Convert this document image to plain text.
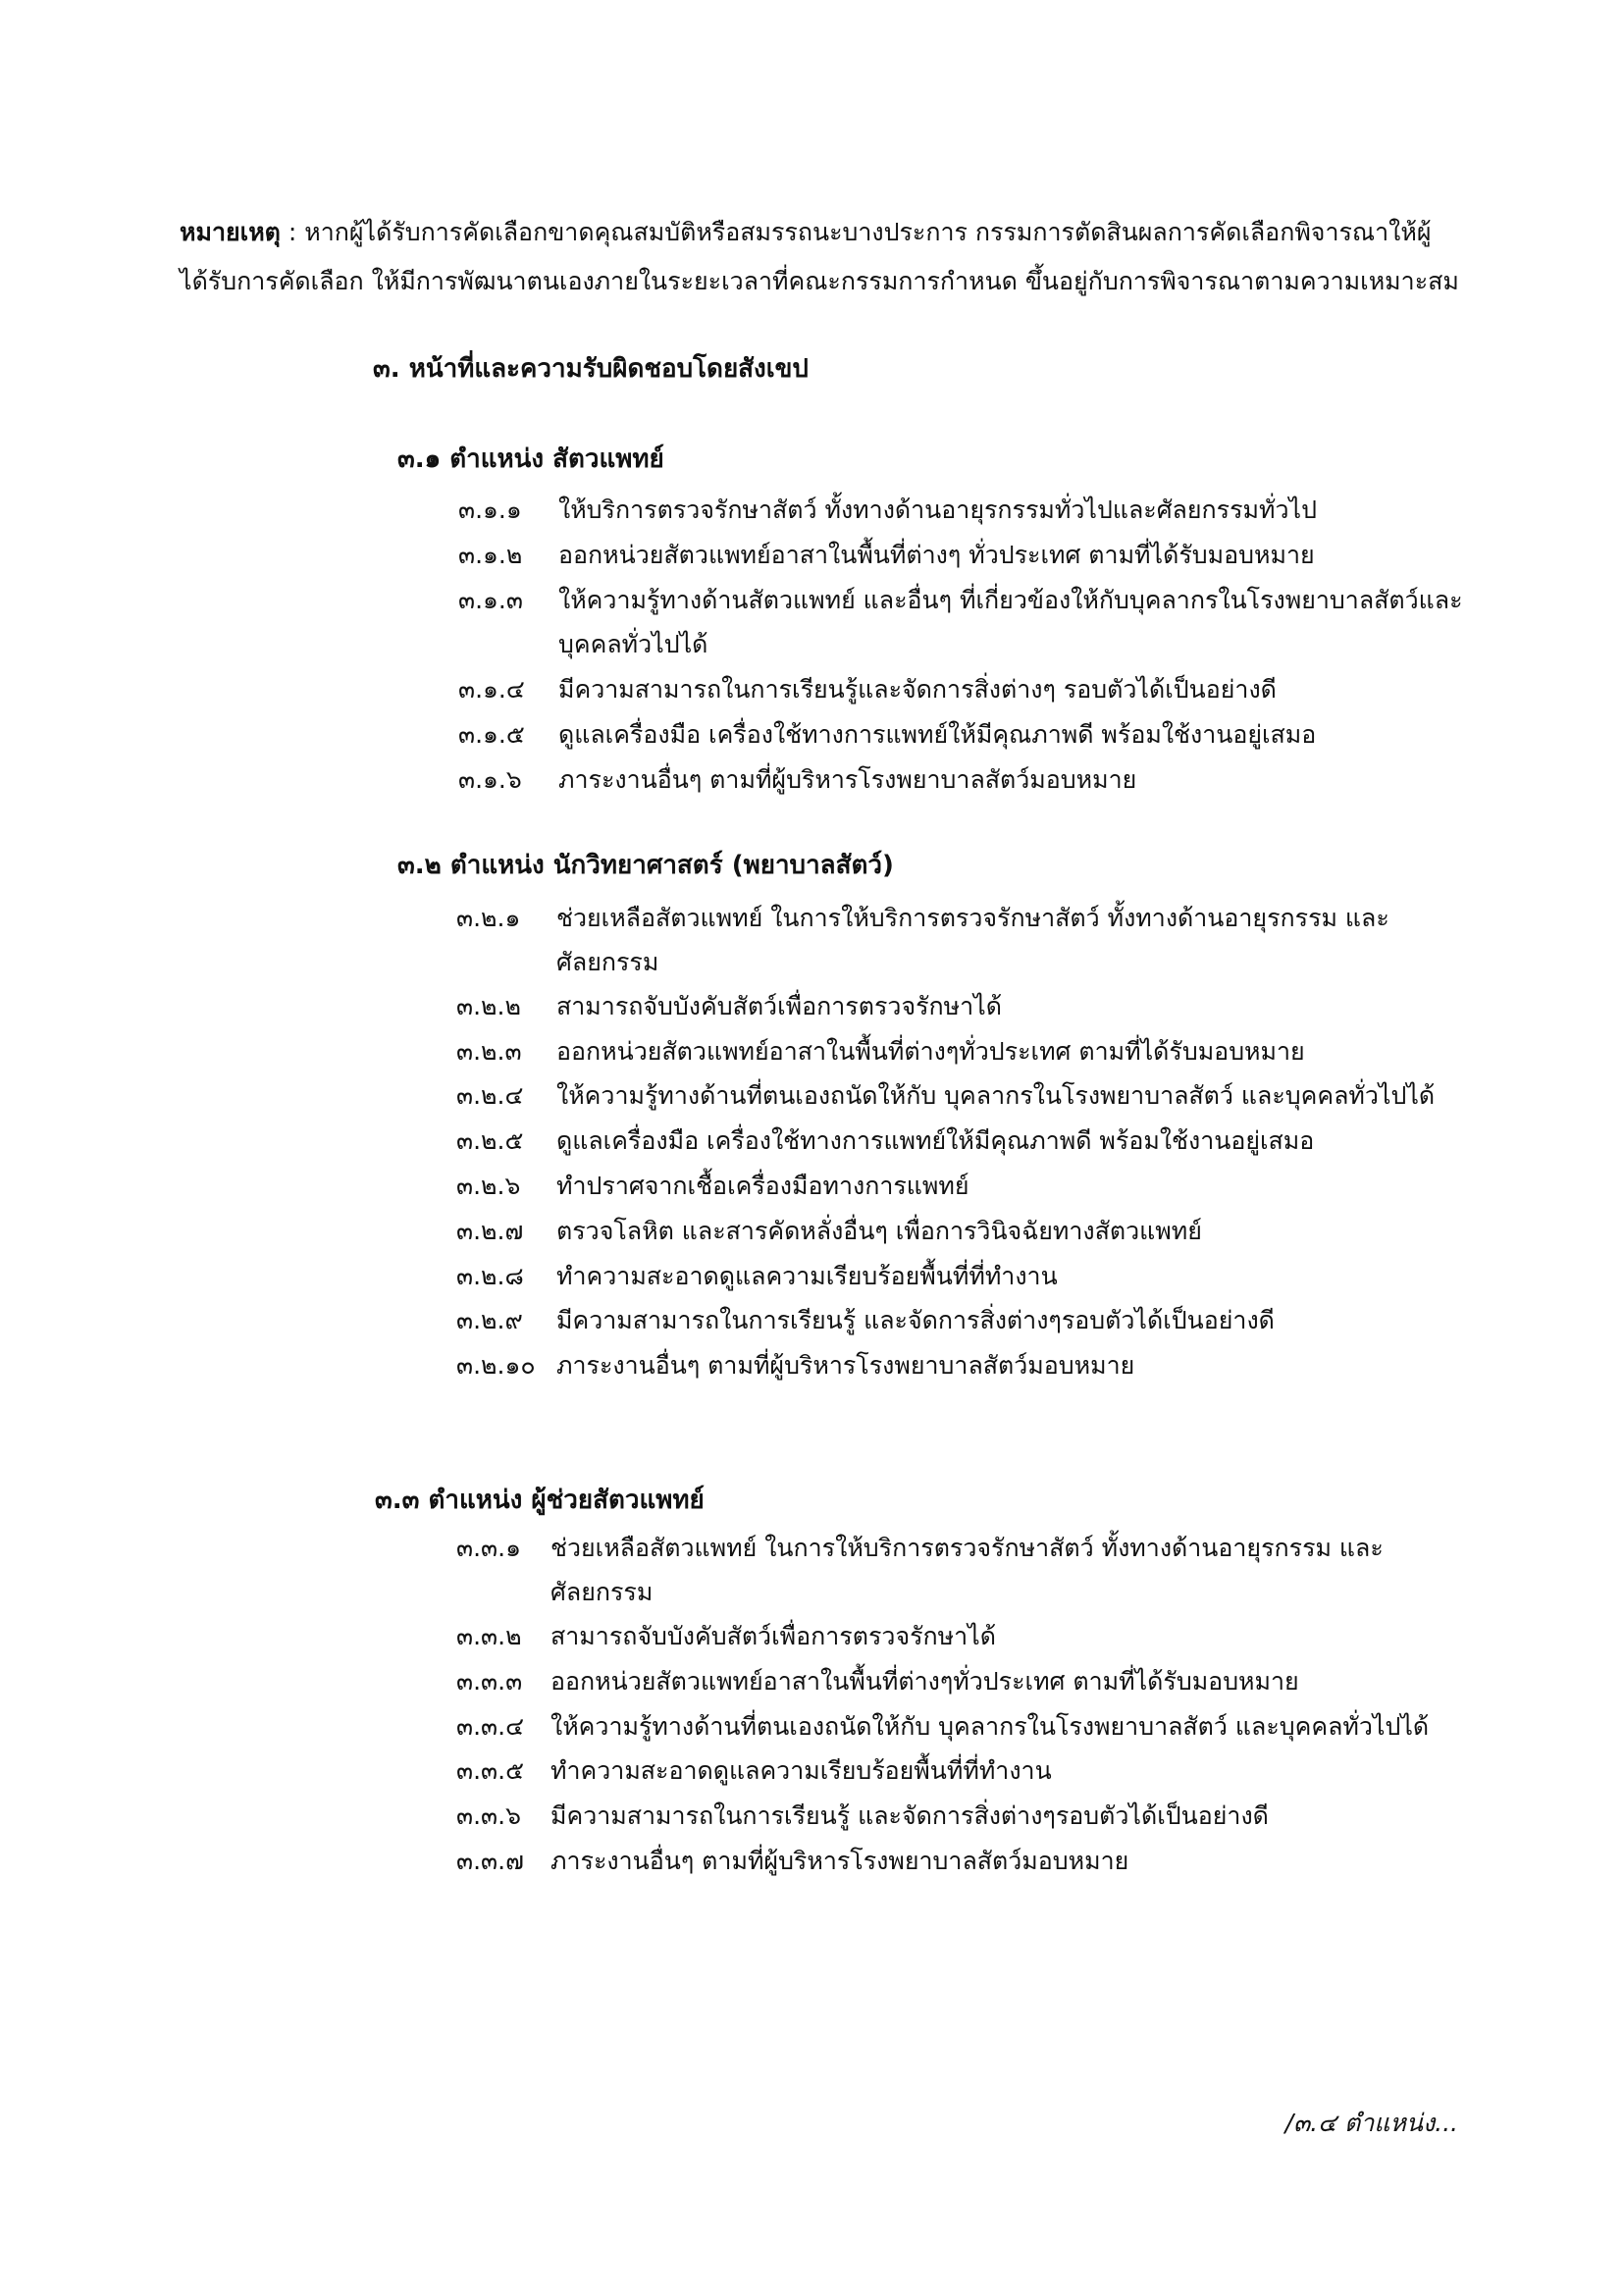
หมายเหตุ : หากผู้ได้รับการคัดเลือกขาดคุณสมบัติหรือสมรรถนะบางประการ กรรมการตัดสินผลการคัดเลือกพิจารณาให้ผู้

ได้รับการคัดเลือก ให้มีการพัฒนาตนเองภายในระยะเวลาที่คณะกรรมการกำหนด ขึ้นอยู่กับการพิจารณาตามความเหมาะสม

๓. หน้าที่และความรับผิดชอบโดยสังเขป
๓.๑ ตำแหน่ง สัตวแพทย์
๓.๑.๑	ให้บริการตรวจรักษาสัตว์ ทั้งทางด้านอายุรกรรมทั่วไปและศัลยกรรมทั่วไป
๓.๑.๒	ออกหน่วยสัตวแพทย์อาสาในพื้นที่ต่างๆ ทั่วประเทศ ตามที่ได้รับมอบหมาย
๓.๑.๓	ให้ความรู้ทางด้านสัตวแพทย์ และอื่นๆ ที่เกี่ยวข้องให้กับบุคลากรในโรงพยาบาลสัตว์และบุคคลทั่วไปได้
๓.๑.๔	มีความสามารถในการเรียนรู้และจัดการสิ่งต่างๆ รอบตัวได้เป็นอย่างดี
๓.๑.๕	ดูแลเครื่องมือ เครื่องใช้ทางการแพทย์ให้มีคุณภาพดี พร้อมใช้งานอยู่เสมอ
๓.๑.๖	ภาระงานอื่นๆ ตามที่ผู้บริหารโรงพยาบาลสัตว์มอบหมาย
๓.๒ ตำแหน่ง นักวิทยาศาสตร์ (พยาบาลสัตว์)
๓.๒.๑	ช่วยเหลือสัตวแพทย์ ในการให้บริการตรวจรักษาสัตว์ ทั้งทางด้านอายุรกรรม และศัลยกรรม
๓.๒.๒	สามารถจับบังคับสัตว์เพื่อการตรวจรักษาได้
๓.๒.๓	ออกหน่วยสัตวแพทย์อาสาในพื้นที่ต่างๆทั่วประเทศ ตามที่ได้รับมอบหมาย
๓.๒.๔	ให้ความรู้ทางด้านที่ตนเองถนัดให้กับ บุคลากรในโรงพยาบาลสัตว์ และบุคคลทั่วไปได้
๓.๒.๕	ดูแลเครื่องมือ เครื่องใช้ทางการแพทย์ให้มีคุณภาพดี พร้อมใช้งานอยู่เสมอ
๓.๒.๖	ทำปราศจากเชื้อเครื่องมือทางการแพทย์
๓.๒.๗	ตรวจโลหิต และสารคัดหลั่งอื่นๆ เพื่อการวินิจฉัยทางสัตวแพทย์
๓.๒.๘	ทำความสะอาดดูแลความเรียบร้อยพื้นที่ที่ทำงาน
๓.๒.๙	มีความสามารถในการเรียนรู้ และจัดการสิ่งต่างๆรอบตัวได้เป็นอย่างดี
๓.๒.๑๐ ภาระงานอื่นๆ ตามที่ผู้บริหารโรงพยาบาลสัตว์มอบหมาย
๓.๓ ตำแหน่ง ผู้ช่วยสัตวแพทย์
๓.๓.๑	ช่วยเหลือสัตวแพทย์ ในการให้บริการตรวจรักษาสัตว์ ทั้งทางด้านอายุรกรรม และศัลยกรรม
๓.๓.๒	สามารถจับบังคับสัตว์เพื่อการตรวจรักษาได้
๓.๓.๓	ออกหน่วยสัตวแพทย์อาสาในพื้นที่ต่างๆทั่วประเทศ ตามที่ได้รับมอบหมาย
๓.๓.๔	ให้ความรู้ทางด้านที่ตนเองถนัดให้กับ บุคลากรในโรงพยาบาลสัตว์ และบุคคลทั่วไปได้
๓.๓.๕	ทำความสะอาดดูแลความเรียบร้อยพื้นที่ที่ทำงาน
๓.๓.๖	มีความสามารถในการเรียนรู้ และจัดการสิ่งต่างๆรอบตัวได้เป็นอย่างดี
๓.๓.๗	ภาระงานอื่นๆ ตามที่ผู้บริหารโรงพยาบาลสัตว์มอบหมาย
/๓.๔ ตำแหน่ง...
